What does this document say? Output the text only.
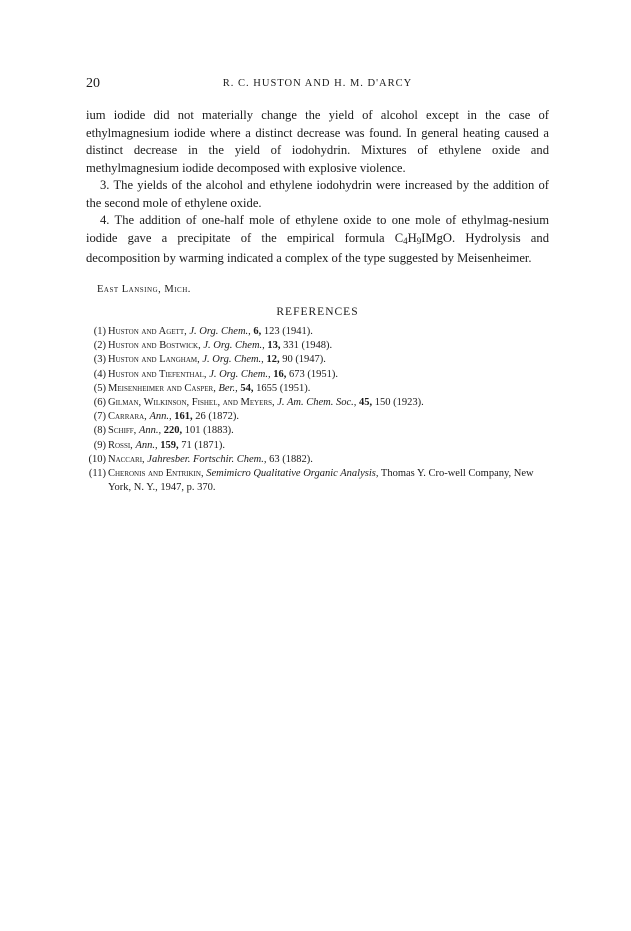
20	R. C. HUSTON AND H. M. D'ARCY

ium iodide did not materially change the yield of alcohol except in the case of ethylmagnesium iodide where a distinct decrease was found. In general heating caused a distinct decrease in the yield of iodohydrin. Mixtures of ethylene oxide and methylmagnesium iodide decomposed with explosive violence.

3. The yields of the alcohol and ethylene iodohydrin were increased by the addition of the second mole of ethylene oxide.

4. The addition of one-half mole of ethylene oxide to one mole of ethylmag-nesium iodide gave a precipitate of the empirical formula $C_4H_9IMgO$. Hydrolysis and decomposition by warming indicated a complex of the type suggested by Meisenheimer.

East Lansing, Mich.
REFERENCES
(1) Huston and Agett, J. Org. Chem., 6, 123 (1941).
(2) Huston and Bostwick, J. Org. Chem., 13, 331 (1948).
(3) Huston and Langham, J. Org. Chem., 12, 90 (1947).
(4) Huston and Tiefenthal, J. Org. Chem., 16, 673 (1951).
(5) Meisenheimer and Casper, Ber., 54, 1655 (1951).
(6) Gilman, Wilkinson, Fishel, and Meyers, J. Am. Chem. Soc., 45, 150 (1923).
(7) Carrara, Ann., 161, 26 (1872).
(8) Schiff, Ann., 220, 101 (1883).
(9) Rossi, Ann., 159, 71 (1871).
(10) Naccari, Jahresber. Fortschir. Chem., 63 (1882).
(11) Cheronis and Entrikin, Semimicro Qualitative Organic Analysis, Thomas Y. Cro-well Company, New York, N. Y., 1947, p. 370.
